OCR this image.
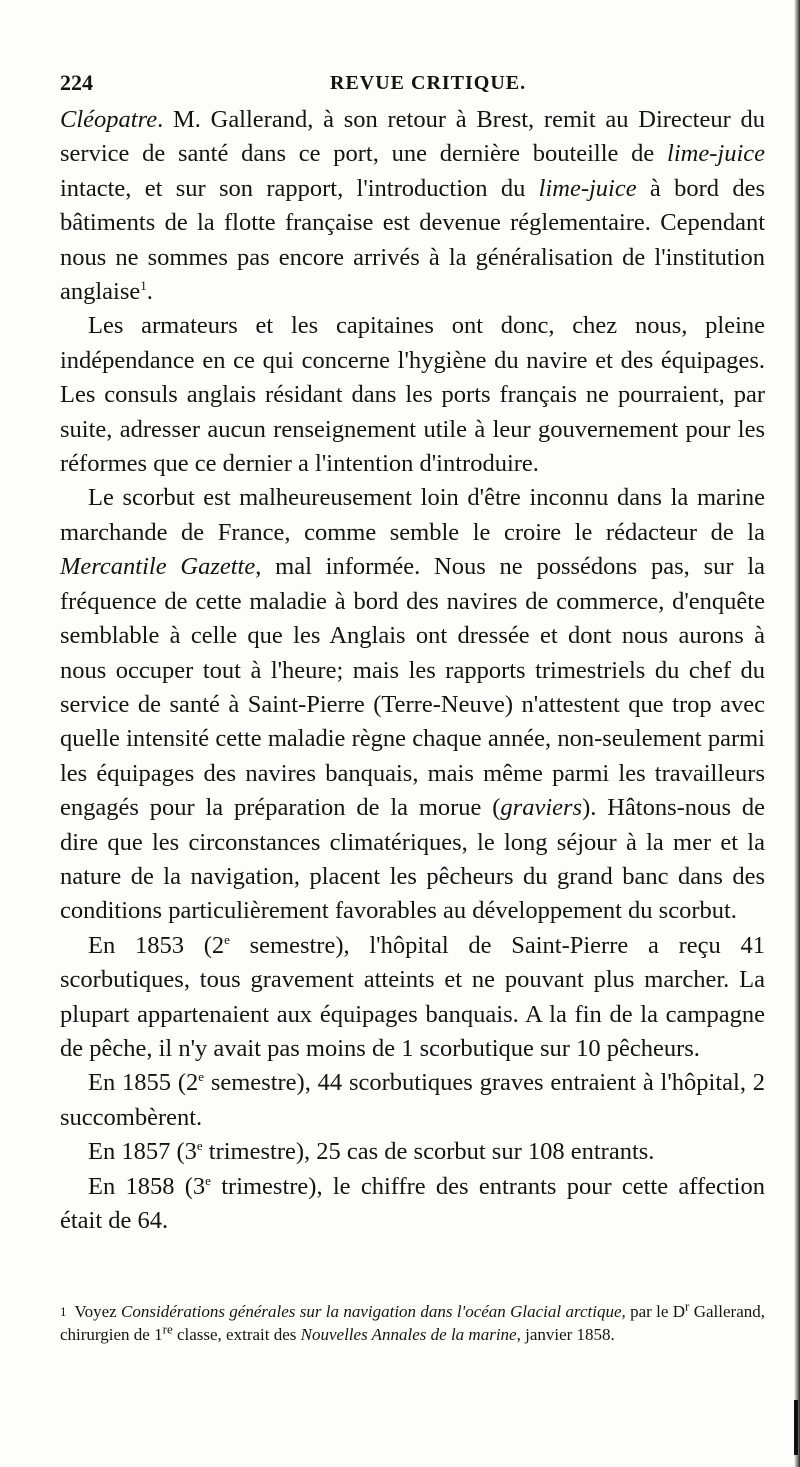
224	REVUE CRITIQUE.

Cléopatre. M. Gallerand, à son retour à Brest, remit au Directeur du service de santé dans ce port, une dernière bouteille de lime-juice intacte, et sur son rapport, l'introduction du lime-juice à bord des bâtiments de la flotte française est devenue réglementaire. Cependant nous ne sommes pas encore arrivés à la généralisation de l'institution anglaise$^1$.

Les armateurs et les capitaines ont donc, chez nous, pleine indépendance en ce qui concerne l'hygiène du navire et des équipages. Les consuls anglais résidant dans les ports français ne pourraient, par suite, adresser aucun renseignement utile à leur gouvernement pour les réformes que ce dernier a l'intention d'introduire.

Le scorbut est malheureusement loin d'être inconnu dans la marine marchande de France, comme semble le croire le rédacteur de la Mercantile Gazette, mal informée. Nous ne possédons pas, sur la fréquence de cette maladie à bord des navires de commerce, d'enquête semblable à celle que les Anglais ont dressée et dont nous aurons à nous occuper tout à l'heure; mais les rapports trimestriels du chef du service de santé à Saint-Pierre (Terre-Neuve) n'attestent que trop avec quelle intensité cette maladie règne chaque année, non-seulement parmi les équipages des navires banquais, mais même parmi les travailleurs engagés pour la préparation de la morue (graviers). Hâtons-nous de dire que les circonstances climatériques, le long séjour à la mer et la nature de la navigation, placent les pêcheurs du grand banc dans des conditions particulièrement favorables au développement du scorbut.

En 1853 (2e semestre), l'hôpital de Saint-Pierre a reçu 41 scorbutiques, tous gravement atteints et ne pouvant plus marcher. La plupart appartenaient aux équipages banquais. A la fin de la campagne de pêche, il n'y avait pas moins de 1 scorbutique sur 10 pêcheurs.

En 1855 (2e semestre), 44 scorbutiques graves entraient à l'hôpital, 2 succombèrent.

En 1857 (3e trimestre), 25 cas de scorbut sur 108 entrants.

En 1858 (3e trimestre), le chiffre des entrants pour cette affection était de 64.

$^1$ Voyez Considérations générales sur la navigation dans l'océan Glacial arctique, par le $D^r$ Gallerand, chirurgien de 1re classe, extrait des Nouvelles Annales de la marine, janvier 1858.
